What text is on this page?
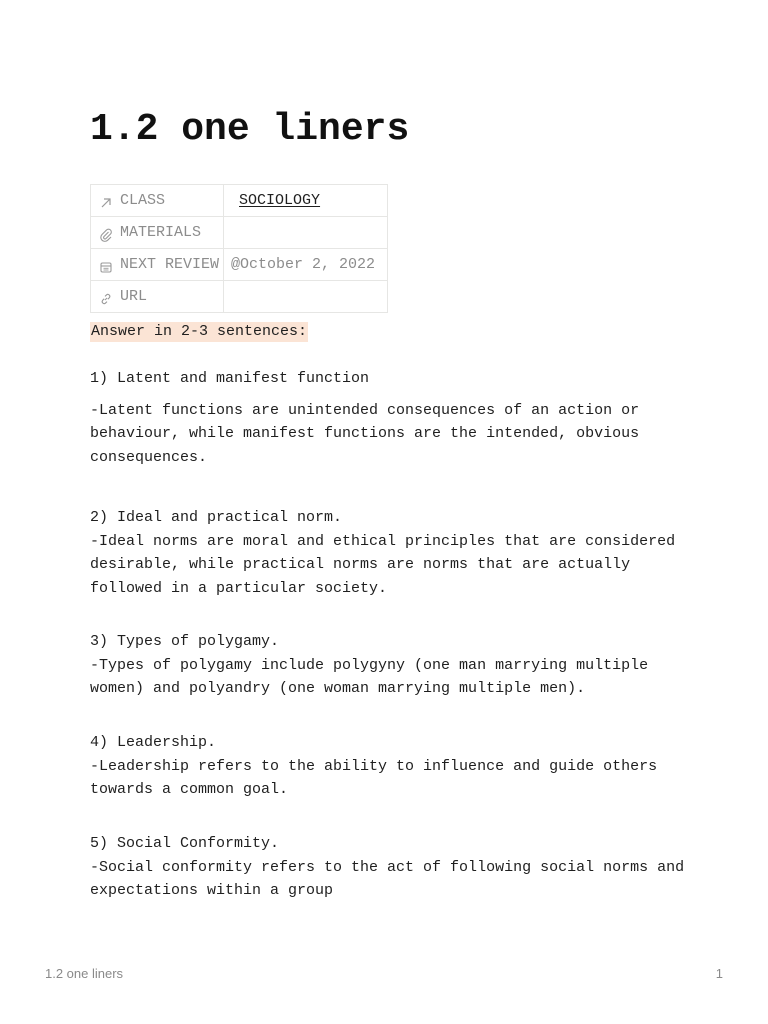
1.2 one liners
CLASS	SOCIOLOGY

MATERIALS	

NEXT REVIEW	@October 2, 2022

URL	

Answer in 2-3 sentences:

1) Latent and manifest function

-Latent functions are unintended consequences of an action or behaviour, while manifest functions are the intended, obvious consequences.

2) Ideal and practical norm.

-Ideal norms are moral and ethical principles that are considered desirable, while practical norms are norms that are actually followed in a particular society.

3) Types of polygamy.

-Types of polygamy include polygyny (one man marrying multiple women) and polyandry (one woman marrying multiple men).

4) Leadership.

-Leadership refers to the ability to influence and guide others towards a common goal.

5) Social Conformity.

-Social conformity refers to the act of following social norms and expectations within a group

1.2 one liners	1
